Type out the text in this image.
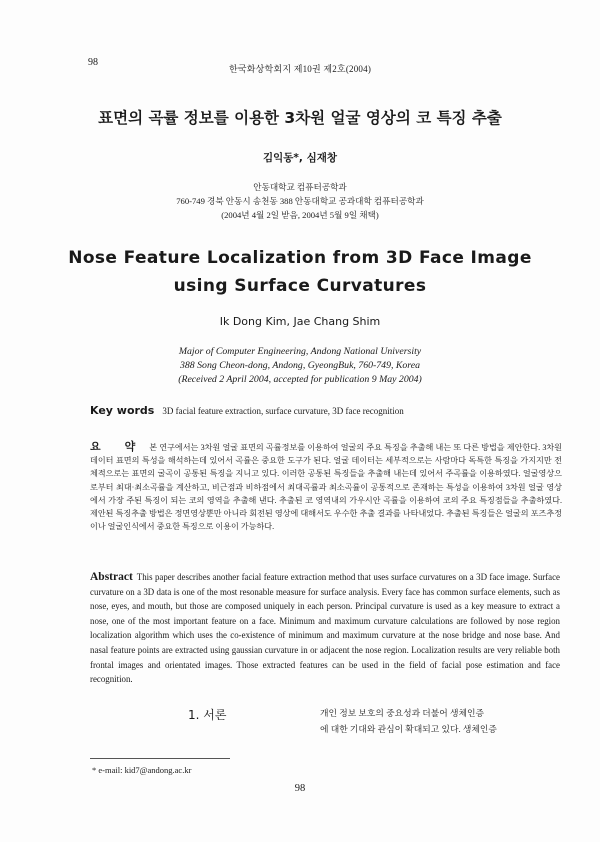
98
한국화상학회지 제10권 제2호(2004)
표면의 곡률 정보를 이용한 3차원 얼굴 영상의 코 특징 추출
김익동*, 심재창
안동대학교 컴퓨터공학과
760-749 경북 안동시 송천동 388 안동대학교 공과대학 컴퓨터공학과
(2004년 4월 2일 받음, 2004년 5월 9일 채택)
Nose Feature Localization from 3D Face Image
using Surface Curvatures
Ik Dong Kim, Jae Chang Shim
Major of Computer Engineering, Andong National University
388 Song Cheon-dong, Andong, GyeongBuk, 760-749, Korea
(Received 2 April 2004, accepted for publication 9 May 2004)
Key words 3D facial feature extraction, surface curvature, 3D face recognition
요 약 본 연구에서는 3차원 얼굴 표면의 곡률정보를 이용하여 얼굴의 주요 특징을 추출해 내는 또 다른 방법을 제안한다. 3차원 데이터 표면의 특성을 해석하는데 있어서 곡률은 중요한 도구가 된다. 얼굴 데이터는 세부적으로는 사람마다 독특한 특징을 가지지만 전체적으로는 표면의 굴곡이 공통된 특징을 지니고 있다. 이러한 공통된 특징들을 추출해 내는데 있어서 주곡률을 이용하였다. 얼굴영상으로부터 최대·최소곡률을 계산하고, 비근점과 비하점에서 최대곡률과 최소곡률이 공통적으로 존재하는 특성을 이용하여 3차원 얼굴 영상에서 가장 주된 특징이 되는 코의 영역을 추출해 낸다. 추출된 코 영역내의 가우시안 곡률을 이용하여 코의 주요 특징점들을 추출하였다. 제안된 특징추출 방법은 정면영상뿐만 아니라 회전된 영상에 대해서도 우수한 추출 결과를 나타내었다. 추출된 특징들은 얼굴의 포즈추정이나 얼굴인식에서 중요한 특징으로 이용이 가능하다.
Abstract This paper describes another facial feature extraction method that uses surface curvatures on a 3D face image. Surface curvature on a 3D data is one of the most resonable measure for surface analysis. Every face has common surface elements, such as nose, eyes, and mouth, but those are composed uniquely in each person. Principal curvature is used as a key measure to extract a nose, one of the most important feature on a face. Minimum and maximum curvature calculations are followed by nose region localization algorithm which uses the co-existence of minimum and maximum curvature at the nose bridge and nose base. And nasal feature points are extracted using gaussian curvature in or adjacent the nose region. Localization results are very reliable both frontal images and orientated images. Those extracted features can be used in the field of facial pose estimation and face recognition.
1. 서론	개인 정보 보호의 중요성과 더불어 생체인증
에 대한 기대와 관심이 확대되고 있다. 생체인증
* e-mail: kid7@andong.ac.kr
98
